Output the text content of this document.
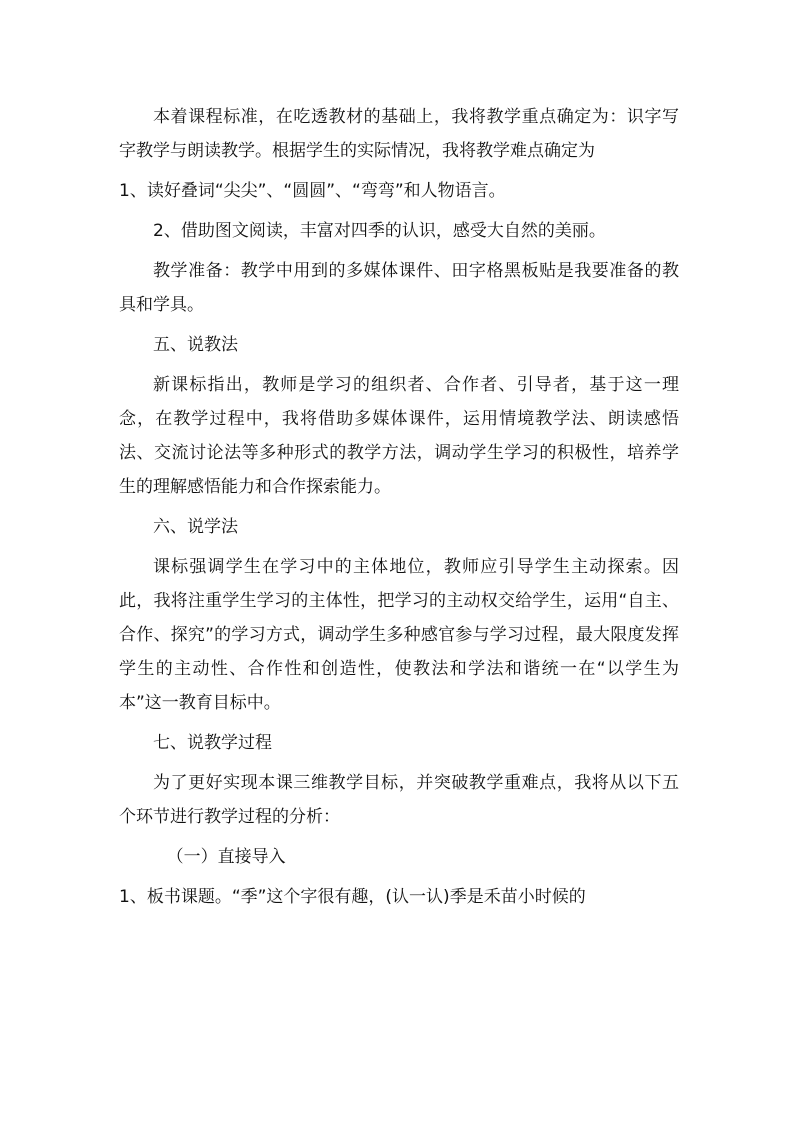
本着课程标准，在吃透教材的基础上，我将教学重点确定为：识字写字教学与朗读教学。根据学生的实际情况，我将教学难点确定为

1、读好叠词“尖尖”、“圆圆”、“弯弯”和人物语言。

2、借助图文阅读，丰富对四季的认识，感受大自然的美丽。

教学准备：教学中用到的多媒体课件、田字格黑板贴是我要准备的教具和学具。

五、说教法

新课标指出，教师是学习的组织者、合作者、引导者，基于这一理念，在教学过程中，我将借助多媒体课件，运用情境教学法、朗读感悟法、交流讨论法等多种形式的教学方法，调动学生学习的积极性，培养学生的理解感悟能力和合作探索能力。

六、说学法

课标强调学生在学习中的主体地位，教师应引导学生主动探索。因此，我将注重学生学习的主体性，把学习的主动权交给学生，运用“自主、合作、探究”的学习方式，调动学生多种感官参与学习过程，最大限度发挥学生的主动性、合作性和创造性，使教法和学法和谐统一在“以学生为本”这一教育目标中。

七、说教学过程

为了更好实现本课三维教学目标，并突破教学重难点，我将从以下五个环节进行教学过程的分析：

（一）直接导入

1、板书课题。“季”这个字很有趣，(认一认)季是禾苗小时候的
